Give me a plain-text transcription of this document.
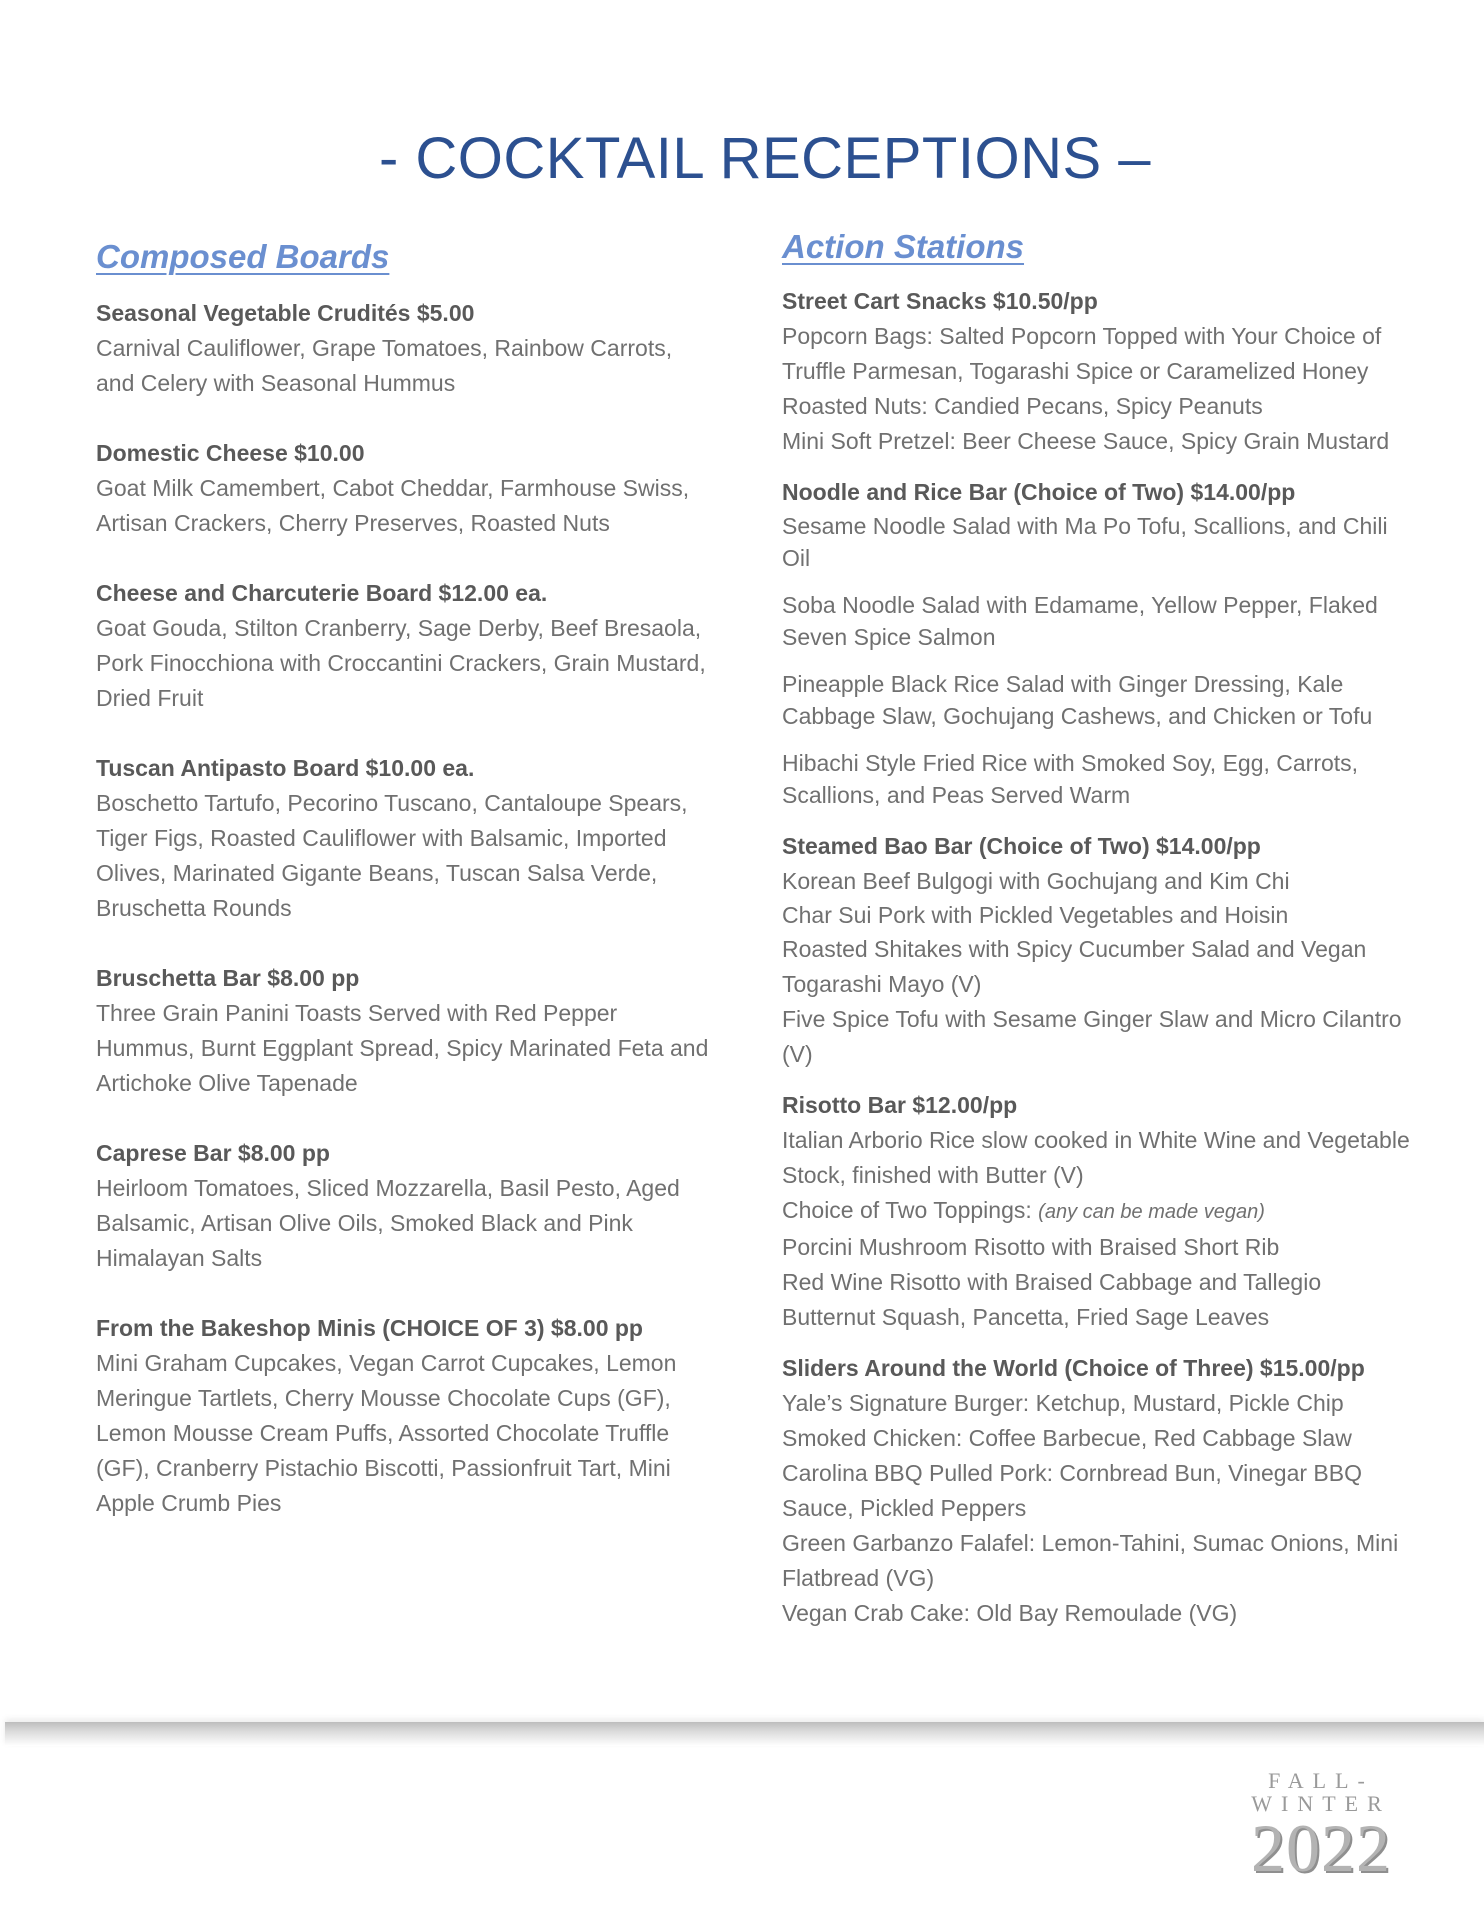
- COCKTAIL RECEPTIONS –
Composed Boards
Seasonal Vegetable Crudités $5.00
Carnival Cauliflower, Grape Tomatoes, Rainbow Carrots, and Celery with Seasonal Hummus
Domestic Cheese $10.00
Goat Milk Camembert, Cabot Cheddar, Farmhouse Swiss, Artisan Crackers, Cherry Preserves, Roasted Nuts
Cheese and Charcuterie Board $12.00 ea.
Goat Gouda, Stilton Cranberry, Sage Derby, Beef Bresaola, Pork Finocchiona with Croccantini Crackers, Grain Mustard, Dried Fruit
Tuscan Antipasto Board $10.00 ea.
Boschetto Tartufo, Pecorino Tuscano, Cantaloupe Spears, Tiger Figs, Roasted Cauliflower with Balsamic, Imported Olives, Marinated Gigante Beans, Tuscan Salsa Verde, Bruschetta Rounds
Bruschetta Bar $8.00 pp
Three Grain Panini Toasts Served with Red Pepper Hummus, Burnt Eggplant Spread, Spicy Marinated Feta and Artichoke Olive Tapenade
Caprese Bar $8.00 pp
Heirloom Tomatoes, Sliced Mozzarella, Basil Pesto, Aged Balsamic, Artisan Olive Oils, Smoked Black and Pink Himalayan Salts
From the Bakeshop Minis (CHOICE OF 3) $8.00 pp
Mini Graham Cupcakes, Vegan Carrot Cupcakes, Lemon Meringue Tartlets, Cherry Mousse Chocolate Cups (GF), Lemon Mousse Cream Puffs, Assorted Chocolate Truffle (GF), Cranberry Pistachio Biscotti, Passionfruit Tart, Mini Apple Crumb Pies
Action Stations
Street Cart Snacks $10.50/pp
Popcorn Bags: Salted Popcorn Topped with Your Choice of Truffle Parmesan, Togarashi Spice or Caramelized Honey
Roasted Nuts: Candied Pecans, Spicy Peanuts
Mini Soft Pretzel: Beer Cheese Sauce, Spicy Grain Mustard
Noodle and Rice Bar (Choice of Two) $14.00/pp
Sesame Noodle Salad with Ma Po Tofu, Scallions, and Chili Oil
Soba Noodle Salad with Edamame, Yellow Pepper, Flaked Seven Spice Salmon
Pineapple Black Rice Salad with Ginger Dressing, Kale Cabbage Slaw, Gochujang Cashews, and Chicken or Tofu
Hibachi Style Fried Rice with Smoked Soy, Egg, Carrots, Scallions, and Peas Served Warm
Steamed Bao Bar (Choice of Two) $14.00/pp
Korean Beef Bulgogi with Gochujang and Kim Chi
Char Sui Pork with Pickled Vegetables and Hoisin
Roasted Shitakes with Spicy Cucumber Salad and Vegan Togarashi Mayo (V)
Five Spice Tofu with Sesame Ginger Slaw and Micro Cilantro (V)
Risotto Bar $12.00/pp
Italian Arborio Rice slow cooked in White Wine and Vegetable Stock, finished with Butter (V)
Choice of Two Toppings: (any can be made vegan)
Porcini Mushroom Risotto with Braised Short Rib
Red Wine Risotto with Braised Cabbage and Tallegio
Butternut Squash, Pancetta, Fried Sage Leaves
Sliders Around the World (Choice of Three) $15.00/pp
Yale’s Signature Burger: Ketchup, Mustard, Pickle Chip
Smoked Chicken: Coffee Barbecue, Red Cabbage Slaw
Carolina BBQ Pulled Pork: Cornbread Bun, Vinegar BBQ Sauce, Pickled Peppers
Green Garbanzo Falafel: Lemon-Tahini, Sumac Onions, Mini Flatbread (VG)
Vegan Crab Cake: Old Bay Remoulade (VG)
FALL-
WINTER
2022
